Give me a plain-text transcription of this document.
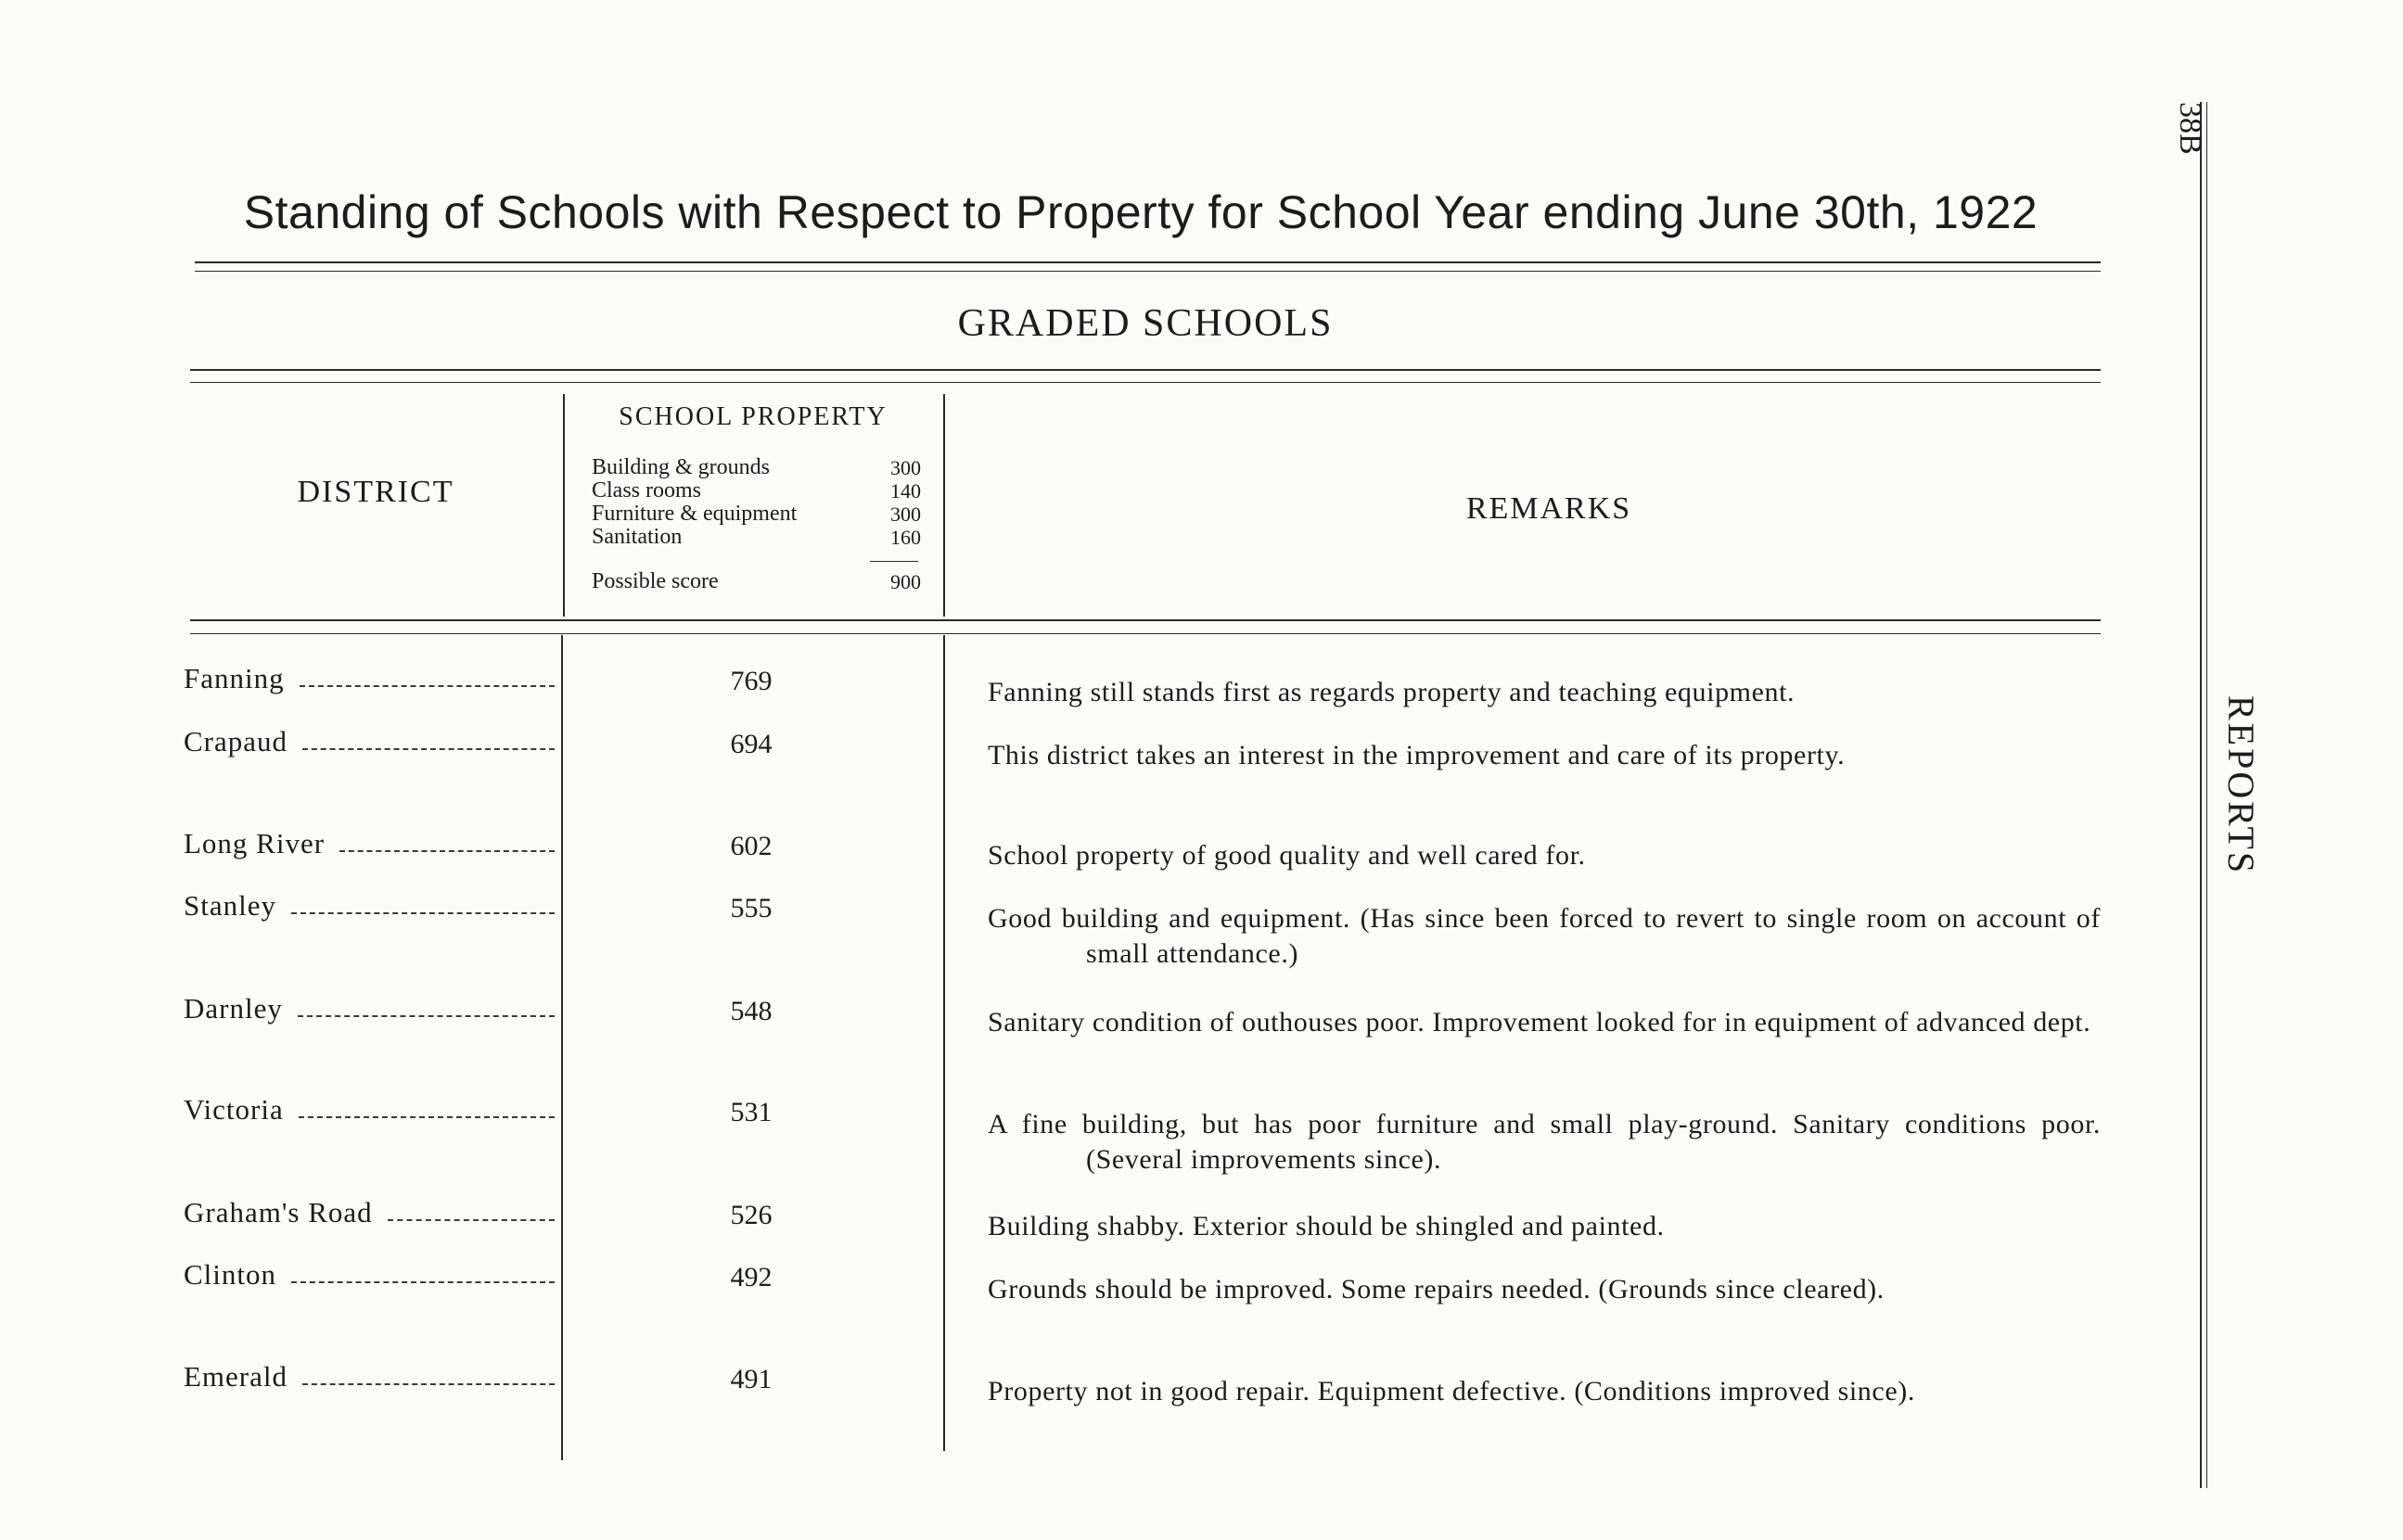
Standing of Schools with Respect to Property for School Year ending June 30th, 1922
GRADED SCHOOLS
DISTRICT
SCHOOL PROPERTY
Building & grounds	300
Class rooms	140
Furniture & equipment	300
Sanitation	160
Possible score	900
REMARKS
Fanning	769	Fanning still stands first as regards property and teaching equipment.
Crapaud	694	This district takes an interest in the improvement and care of its property.
Long River	602	School property of good quality and well cared for.
Stanley	555	Good building and equipment. (Has since been forced to revert to single room on account of small attendance.)
Darnley	548	Sanitary condition of outhouses poor. Improvement looked for in equipment of advanced dept.
Victoria	531	A fine building, but has poor furniture and small play-ground. Sanitary conditions poor. (Several improvements since).
Graham's Road	526	Building shabby. Exterior should be shingled and painted.
Clinton	492	Grounds should be improved. Some repairs needed. (Grounds since cleared).
Emerald	491	Property not in good repair. Equipment defective. (Conditions improved since).
38B
REPORTS
